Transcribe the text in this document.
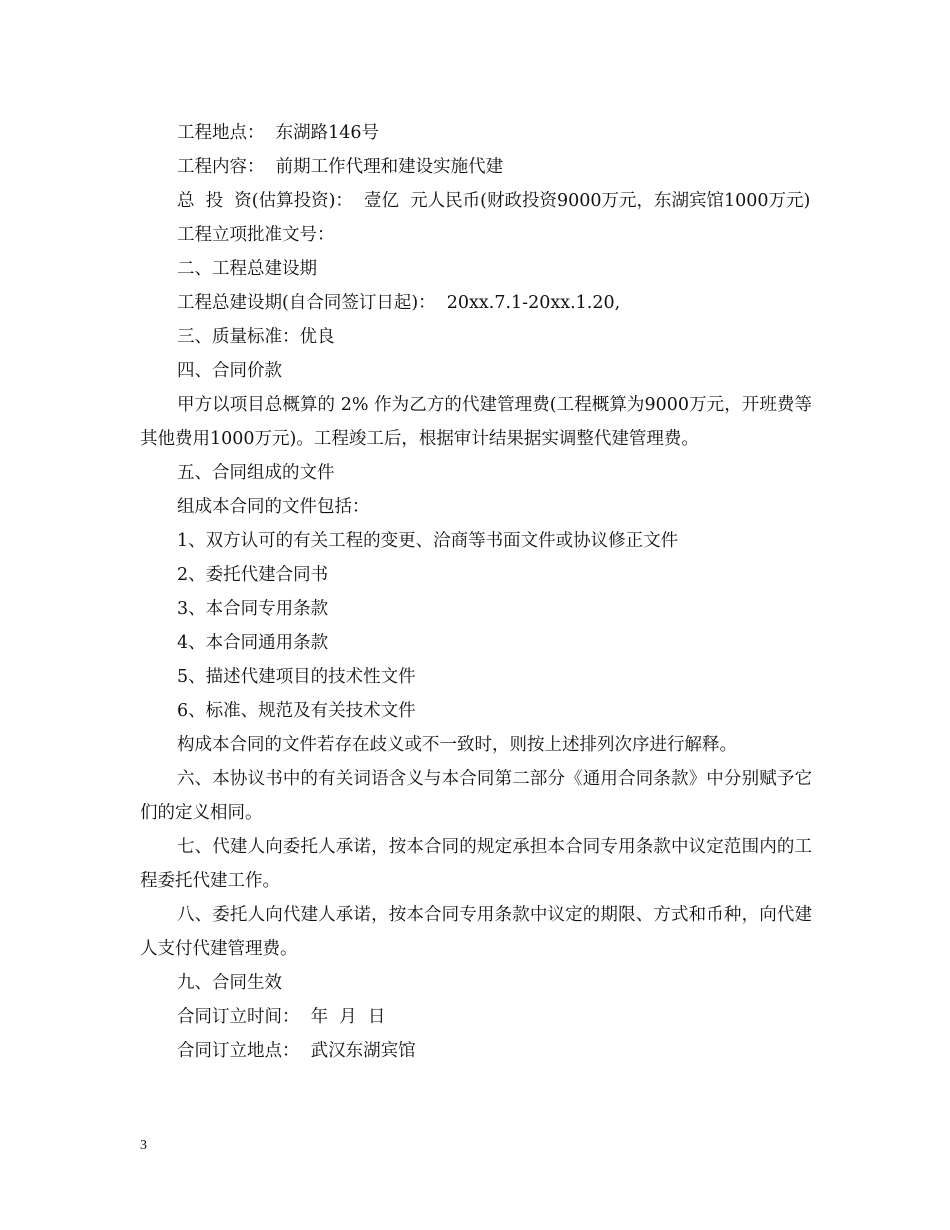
工程地点：  东湖路146号

工程内容：  前期工作代理和建设实施代建

总  投  资(估算投资)：  壹亿  元人民币(财政投资9000万元，东湖宾馆1000万元)

工程立项批准文号：

二、工程总建设期

工程总建设期(自合同签订日起)：  20xx.7.1-20xx.1.20,

三、质量标准：优良

四、合同价款

甲方以项目总概算的 2% 作为乙方的代建管理费(工程概算为9000万元，开班费等其他费用1000万元)。工程竣工后，根据审计结果据实调整代建管理费。

五、合同组成的文件

组成本合同的文件包括：

1、双方认可的有关工程的变更、洽商等书面文件或协议修正文件

2、委托代建合同书

3、本合同专用条款

4、本合同通用条款

5、描述代建项目的技术性文件

6、标准、规范及有关技术文件

构成本合同的文件若存在歧义或不一致时，则按上述排列次序进行解释。

六、本协议书中的有关词语含义与本合同第二部分《通用合同条款》中分别赋予它们的定义相同。

七、代建人向委托人承诺，按本合同的规定承担本合同专用条款中议定范围内的工程委托代建工作。

八、委托人向代建人承诺，按本合同专用条款中议定的期限、方式和币种，向代建人支付代建管理费。

九、合同生效

合同订立时间：  年  月  日

合同订立地点：  武汉东湖宾馆

3
